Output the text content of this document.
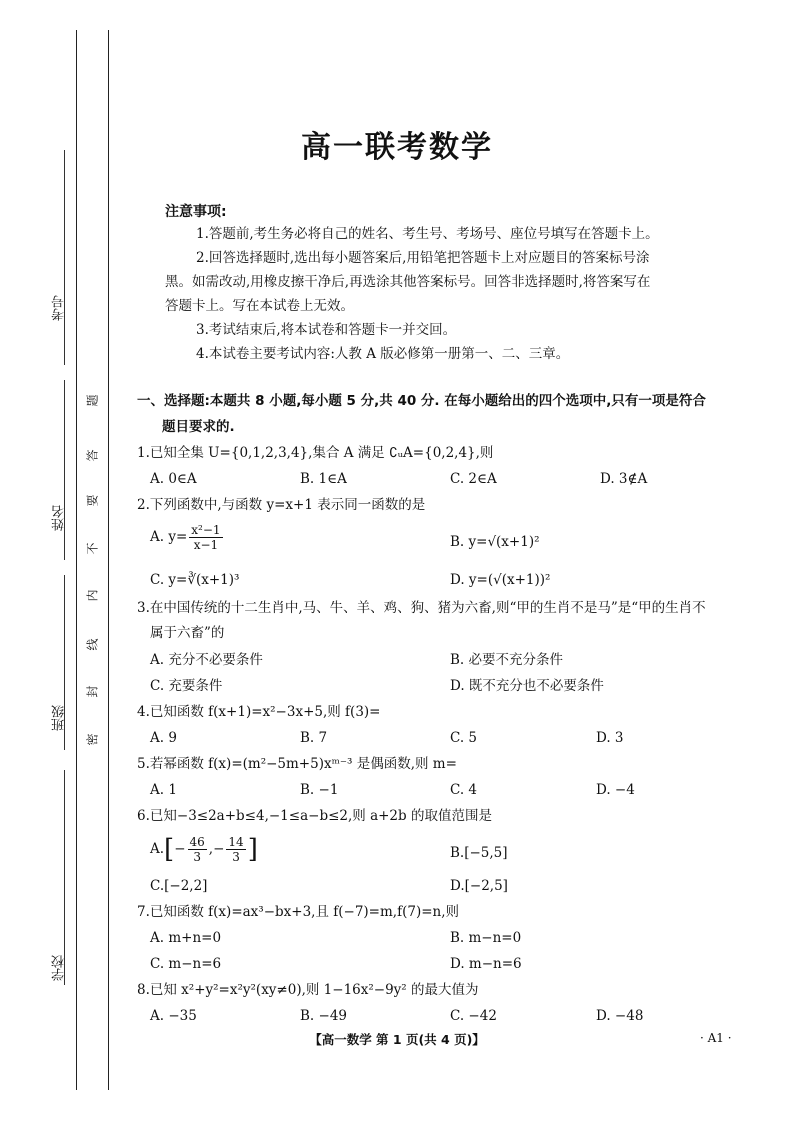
考号
姓名
班级
学校
题
答
要
不
内
线
封
密
高一联考数学
注意事项:
1.答题前,考生务必将自己的姓名、考生号、考场号、座位号填写在答题卡上。
2.回答选择题时,选出每小题答案后,用铅笔把答题卡上对应题目的答案标号涂
黑。如需改动,用橡皮擦干净后,再选涂其他答案标号。回答非选择题时,将答案写在
答题卡上。写在本试卷上无效。
3.考试结束后,将本试卷和答题卡一并交回。
4.本试卷主要考试内容:人教 A 版必修第一册第一、二、三章。
一、选择题:本题共 8 小题,每小题 5 分,共 40 分. 在每小题给出的四个选项中,只有一项是符合
题目要求的.
1.已知全集 U={0,1,2,3,4},集合 A 满足 ∁ᵤA={0,2,4},则
A. 0∈A	B. 1∈A	C. 2∈A	D. 3∉A
2.下列函数中,与函数 y=x+1 表示同一函数的是
A. $y= \frac{\text{x²−1}}{x-1}$	B. y=√(x+1)²
C. y=∛(x+1)³	D. y=(√(x+1))²
3.在中国传统的十二生肖中,马、牛、羊、鸡、狗、猪为六畜,则“甲的生肖不是马”是“甲的生肖不
属于六畜”的
A. 充分不必要条件	B. 必要不充分条件
C. 充要条件	D. 既不充分也不必要条件
4.已知函数 f(x+1)=x²−3x+5,则 f(3)=
A. 9	B. 7	C. 5	D. 3
5.若幂函数 f(x)=(m²−5m+5)xᵐ⁻³ 是偶函数,则 m=
A. 1	B. −1	C. 4	D. −4
6.已知−3≤2a+b≤4,−1≤a−b≤2,则 a+2b 的取值范围是
$A.[- \frac{46}{3}$ ,− $\frac{14}{3}$ ]	B.[−5,5]
C.[−2,2]	D.[−2,5]
7.已知函数 f(x)=ax³−bx+3,且 f(−7)=m,f(7)=n,则
A. m+n=0	B. m−n=0
C. m−n=6	D. m−n=6
8.已知 x²+y²=x²y²(xy≠0),则 1−16x²−9y² 的最大值为
A. −35	B. −49	C. −42	D. −48
【高一数学 第 1 页(共 4 页)】	· A1 ·
